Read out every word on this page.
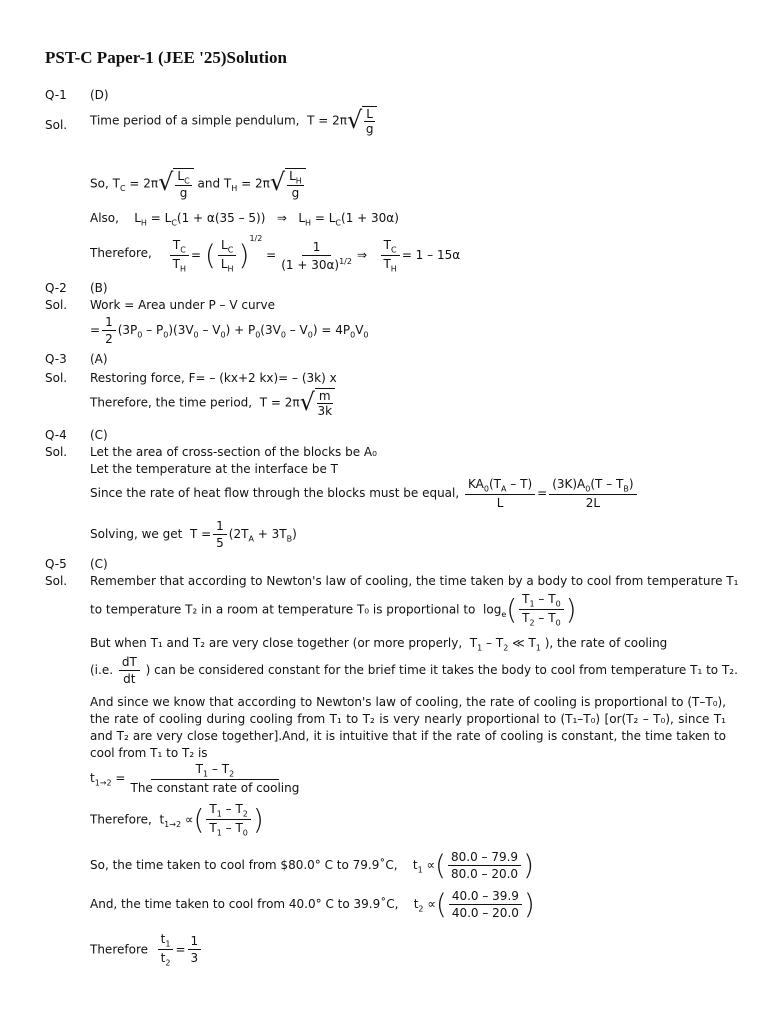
PST-C Paper-1 (JEE '25)Solution
Q-1 (D)
Sol. Time period of a simple pendulum,  T = 2π √ L
g
So, $T_C = 2\pi$ √ $L_C$
g
and $T_H = 2\pi$ √ $L_H$
g
Also,    $L_H = L_C(1 + \alpha(35 - 5))$   ⇒   $L_H = L_C(1 + 30\alpha)$
Therefore, $\frac{T_C}{T_H}$ = ( $\frac{L_C}{L_H} )^{1/2} = \frac{1}{(1 + 30\alpha)^{1/2}}$ ⇒ $\frac{T_C}{T_H} = 1 - 15\alpha$
Q-2 (B)
Sol. Work = Area under P – V curve
= $\frac{1}{2} (3P_0 - P_0)(3V_0 - V_0) + P_0(3V_0 - V_0) = 4P_0V_0$
Q-3 (A)
Sol. Restoring force, F= – (kx+2 kx)= – (3k) x
Therefore, the time period,  T = 2π √ m
3k
Q-4 (C)
Sol. Let the area of cross-section of the blocks be A₀
Let the temperature at the interface be T
Since the rate of heat flow through the blocks must be equal, $\frac{KA_0(T_A - T)}{L} = \frac{(3K)A_0(T - T_B)}{2L}$
Solving, we get  $T = \frac{1}{5} (2T_A + 3T_B)$
Q-5 (C)
Sol. Remember that according to Newton's law of cooling, the time taken by a body to cool from temperature T₁
to temperature T₂ in a room at temperature T₀ is proportional to  $\log_e( \frac{T_1 - T_0}{T_2 - T_0}$ )
But when T₁ and T₂ are very close together (or more properly,  $T_1 - T_2$ ≪ $T_1$ ), the rate of cooling
(i.e. $\frac{dT}{dt}$ ) can be considered constant for the brief time it takes the body to cool from temperature T₁ to T₂.
And since we know that according to Newton's law of cooling, the rate of cooling is proportional to (T–T₀), the rate of cooling during cooling from T₁ to T₂ is very nearly proportional to (T₁–T₀) [or(T₂ – T₀), since T₁ and T₂ are very close together].And, it is intuitive that if the rate of cooling is constant, the time taken to cool from T₁ to T₂ is
$t_{1\to 2} = \frac{T_1 - T_2}{\text{The constant rate of cooling}}$
Therefore,  $t_{1\to 2}$ ∝( $\frac{T_1 - T_2}{T_1 - T_0}$ )
So, the time taken to cool from $80.0° C to 79.9˚C,    $t_1$ ∝( $\frac{80.0 - 79.9}{80.0 - 20.0}$ )
And, the time taken to cool from 40.0° C to 39.9˚C,    $t_2$ ∝( $\frac{40.0 - 39.9}{40.0 - 20.0}$ )
Therefore $\frac{t_1}{t_2} = \frac{1}{3}$
